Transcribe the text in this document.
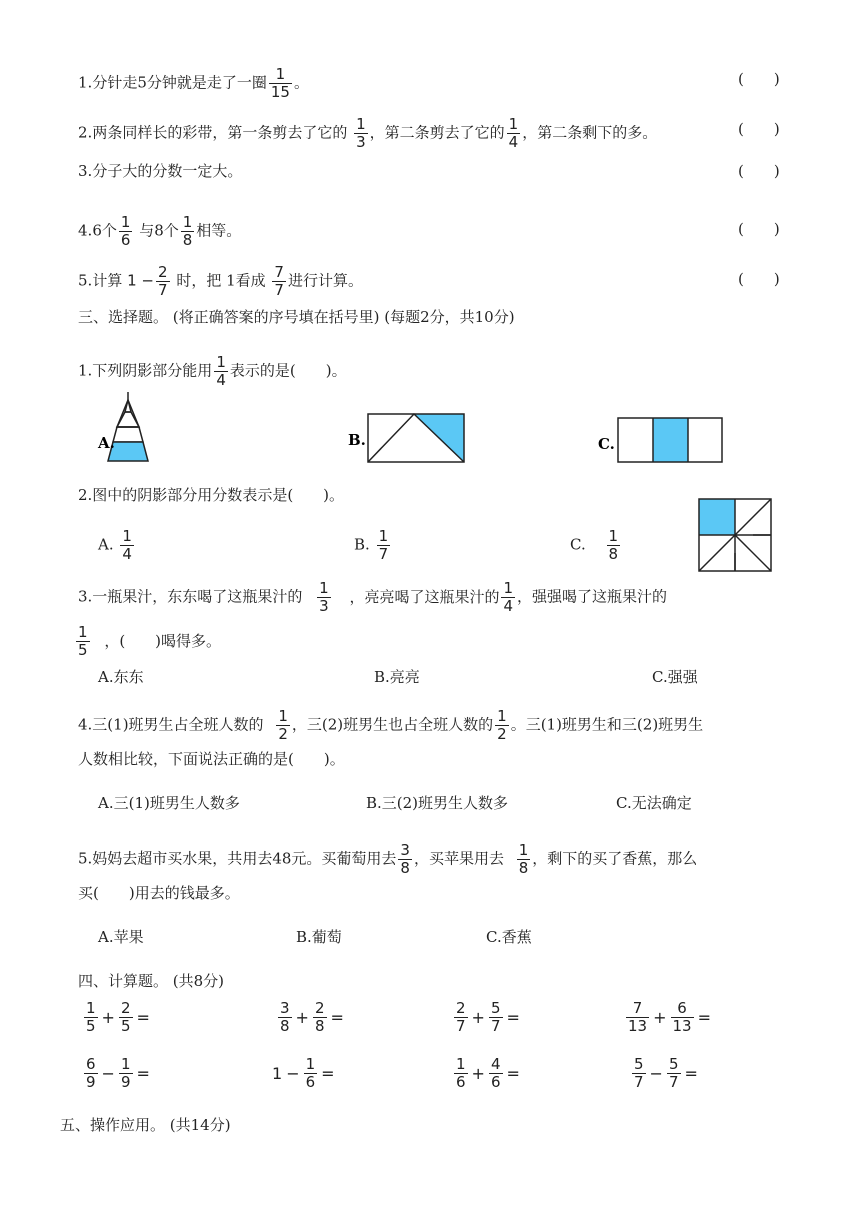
1.分针走5分钟就是走了一圈 $\frac{1}{15}$ 。	(　　)
2.两条同样长的彩带，第一条剪去了它的 $\frac{1}{3}$ ，第二条剪去了它的 $\frac{1}{4}$ ，第二条剩下的多。	(　　)
3.分子大的分数一定大。	(　　)
4.6个 $\frac{1}{6}$ 与8个 $\frac{1}{8}$ 相等。	(　　)
5.计算 $1 - \frac{2}{7}$ 时，把 1看成 $\frac{7}{7}$ 进行计算。	(　　)
三、选择题。 (将正确答案的序号填在括号里) (每题2分，共10分)
1.下列阴影部分能用 $\frac{1}{4}$ 表示的是(　　)。
A.	B.	C.
2.图中的阴影部分用分数表示是(　　)。
A. $\frac{1}{4}$	B. $\frac{1}{7}$	C. $\frac{1}{8}$
3.一瓶果汁，东东喝了这瓶果汁的 $\frac{1}{3}$ ，亮亮喝了这瓶果汁的 $\frac{1}{4}$ ，强强喝了这瓶果汁的
$\frac{1}{5}$ ，(　　)喝得多。
A.东东	B.亮亮	C.强强
4.三(1)班男生占全班人数的 $\frac{1}{2}$ ，三(2)班男生也占全班人数的 $\frac{1}{2}$ 。三(1)班男生和三(2)班男生
人数相比较，下面说法正确的是(　　)。
A.三(1)班男生人数多	B.三(2)班男生人数多	C.无法确定
5.妈妈去超市买水果，共用去48元。买葡萄用去 $\frac{3}{8}$ ，买苹果用去 $\frac{1}{8}$ ，剩下的买了香蕉，那么
买(　　)用去的钱最多。
A.苹果	B.葡萄	C.香蕉
四、计算题。 (共8分)
$\frac{1}{5} + \frac{2}{5}$ =	$\frac{3}{8} + \frac{2}{8}$ =	$\frac{2}{7} + \frac{5}{7}$ =	$\frac{7}{13} + \frac{6}{13}$ =
$\frac{6}{9} - \frac{1}{9}$ =	$1 - \frac{1}{6}$ =	$\frac{1}{6} + \frac{4}{6}$ =	$\frac{5}{7} - \frac{5}{7}$ =
五、操作应用。 (共14分)
